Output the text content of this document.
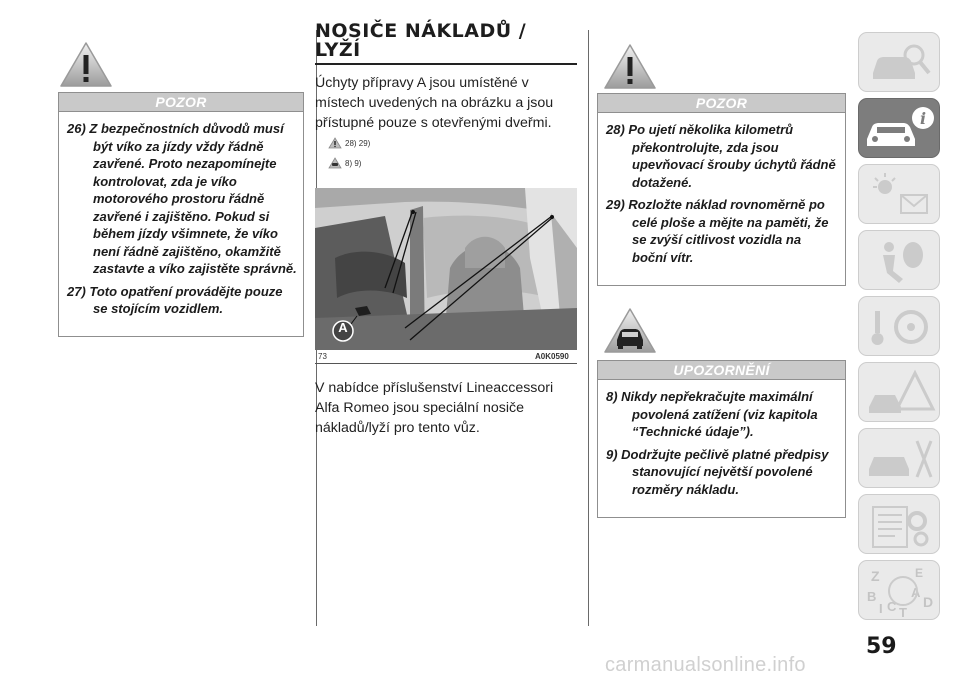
POZOR

26) Z bezpečnostních důvodů musí být víko za jízdy vždy řádně zavřené. Proto nezapomínejte kontrolovat, zda je víko motorového prostoru řádně zavřené i zajištěno. Pokud si během jízdy všimnete, že víko není řádně zajištěno, okamžitě zastavte a víko zajistěte správně.

27) Toto opatření provádějte pouze se stojícím vozidlem.

NOSIČE NÁKLADŮ /
LYŽÍ

Úchyty přípravy A jsou umístěné v místech uvedených na obrázku a jsou přístupné pouze s otevřenými dveřmi.

28) 29)
8) 9)
A
73	A0K0590

V nabídce příslušenství Lineaccessori Alfa Romeo jsou speciální nosiče nákladů/lyží pro tento vůz.

POZOR

28) Po ujetí několika kilometrů překontrolujte, zda jsou upevňovací šrouby úchytů řádně dotažené.

29) Rozložte náklad rovnoměrně po celé ploše a mějte na paměti, že se zvýší citlivost vozidla na boční vítr.

UPOZORNĚNÍ

8) Nikdy nepřekračujte maximální povolená zatížení (viz kapitola “Technické údaje”).

9) Dodržujte pečlivě platné předpisy stanovující největší povolené rozměry nákladu.

i
Z	E
B
C T
D
I
A
59
carmanualsonline.info
